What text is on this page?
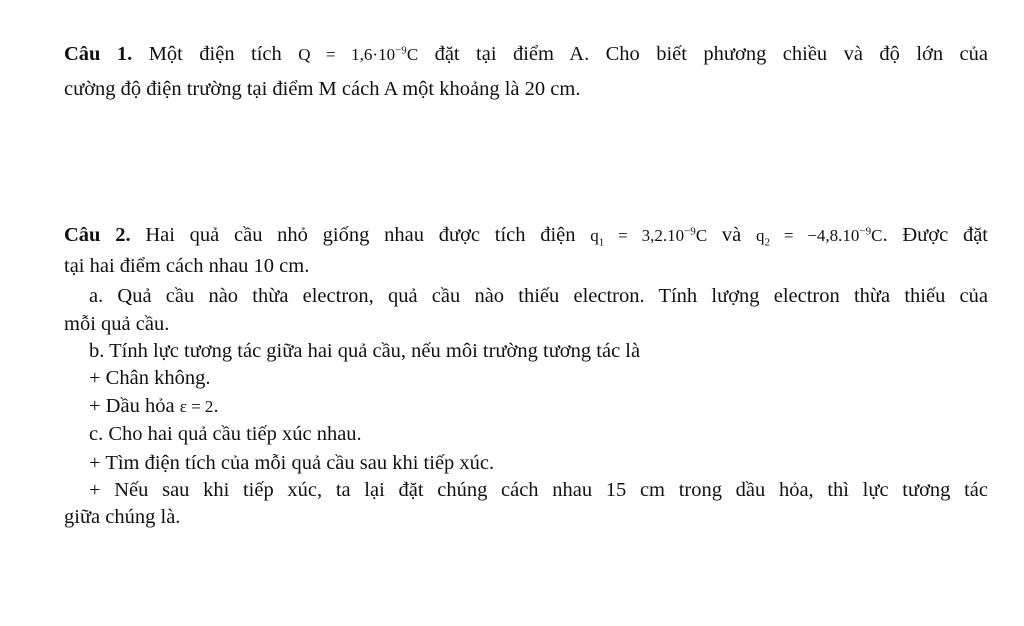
Câu 1. Một điện tích $Q = 1,6\cdot 10^{-9}C$ đặt tại điểm A. Cho biết phương chiều và độ lớn của
cường độ điện trường tại điểm M cách A một khoảng là 20 cm.
Câu 2. Hai quả cầu nhỏ giống nhau được tích điện $q_1 = 3,2.10^{-9}C$ và $q_2 = -4,8.10^{-9}C$. Được đặt
tại hai điểm cách nhau 10 cm.
a. Quả cầu nào thừa electron, quả cầu nào thiếu electron. Tính lượng electron thừa thiếu của
mỗi quả cầu.
b. Tính lực tương tác giữa hai quả cầu, nếu môi trường tương tác là
+ Chân không.
+ Dầu hỏa ε = 2.
c. Cho hai quả cầu tiếp xúc nhau.
+ Tìm điện tích của mỗi quả cầu sau khi tiếp xúc.
+ Nếu sau khi tiếp xúc, ta lại đặt chúng cách nhau 15 cm trong dầu hỏa, thì lực tương tác
giữa chúng là.
